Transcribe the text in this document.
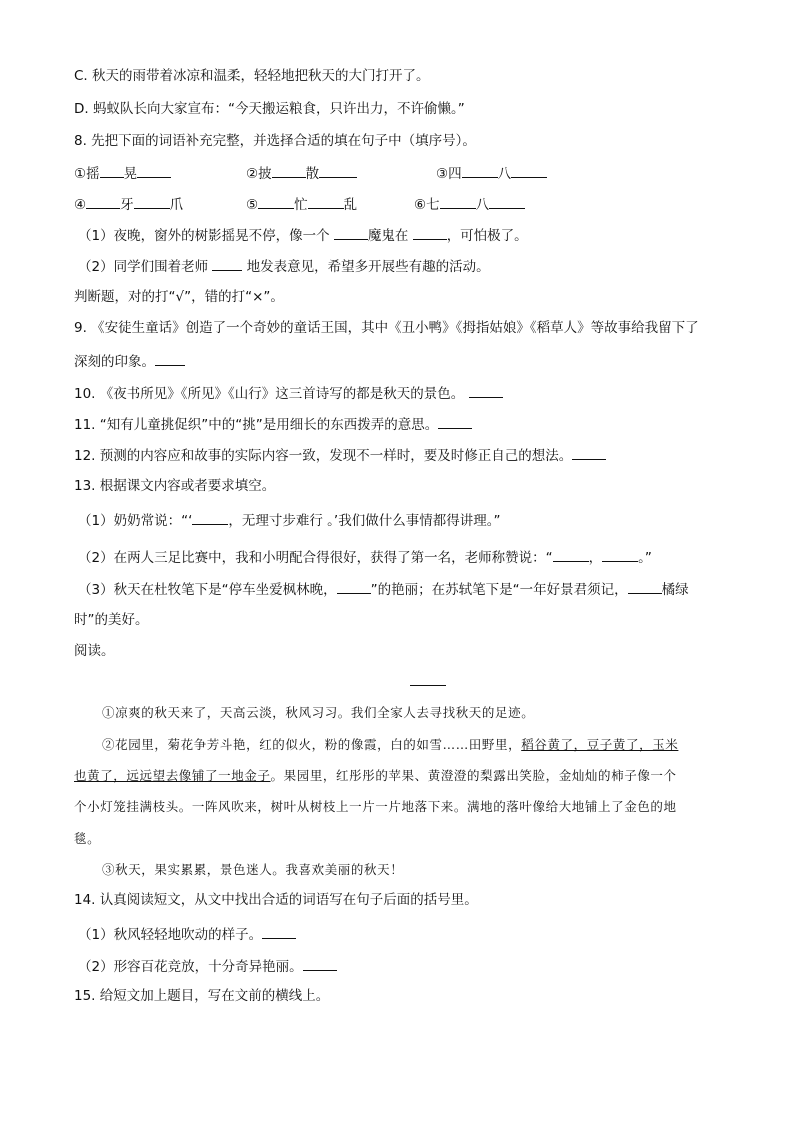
C. 秋天的雨带着冰凉和温柔，轻轻地把秋天的大门打开了。
D. 蚂蚁队长向大家宣布：“今天搬运粮食，只许出力，不许偷懒。”
8. 先把下面的词语补充完整，并选择合适的填在句子中（填序号）。
①摇 晃	②披	散	③四	八
④	牙	爪	⑤	忙	乱	⑥七	八
（1）夜晚，窗外的树影摇晃不停，像一个	魔鬼在	，可怕极了。
（2）同学们围着老师  地发表意见，希望多开展些有趣的活动。
判断题，对的打“√”，错的打“×”。
9. 《安徒生童话》创造了一个奇妙的童话王国，其中《丑小鸭》《拇指姑娘》《稻草人》等故事给我留下了
深刻的印象。
10. 《夜书所见》《所见》《山行》这三首诗写的都是秋天的景色。
11. “知有儿童挑促织”中的“挑”是用细长的东西拨弄的意思。
12. 预测的内容应和故事的实际内容一致，发现不一样时，要及时修正自己的想法。
13. 根据课文内容或者要求填空。
（1）奶奶常说：“‘	，无理寸步难行 。’我们做什么事情都得讲理。”
（2）在两人三足比赛中，我和小明配合得很好，获得了第一名，老师称赞说：“	，	。”
（3）秋天在杜牧笔下是“停车坐爱枫林晚，	”的艳丽；在苏轼笔下是“一年好景君须记，	橘绿
时”的美好。
阅读。
①凉爽的秋天来了，天高云淡，秋风习习。我们全家人去寻找秋天的足迹。
②花园里，菊花争芳斗艳，红的似火，粉的像霞，白的如雪……田野里，稻谷黄了，豆子黄了，玉米
也黄了，远远望去像铺了一地金子。果园里，红彤彤的苹果、黄澄澄的梨露出笑脸，金灿灿的柿子像一个
个小灯笼挂满枝头。一阵风吹来，树叶从树枝上一片一片地落下来。满地的落叶像给大地铺上了金色的地
毯。
③秋天，果实累累，景色迷人。我喜欢美丽的秋天！
14. 认真阅读短文，从文中找出合适的词语写在句子后面的括号里。
（1）秋风轻轻地吹动的样子。
（2）形容百花竞放，十分奇异艳丽。
15. 给短文加上题目，写在文前的横线上。
